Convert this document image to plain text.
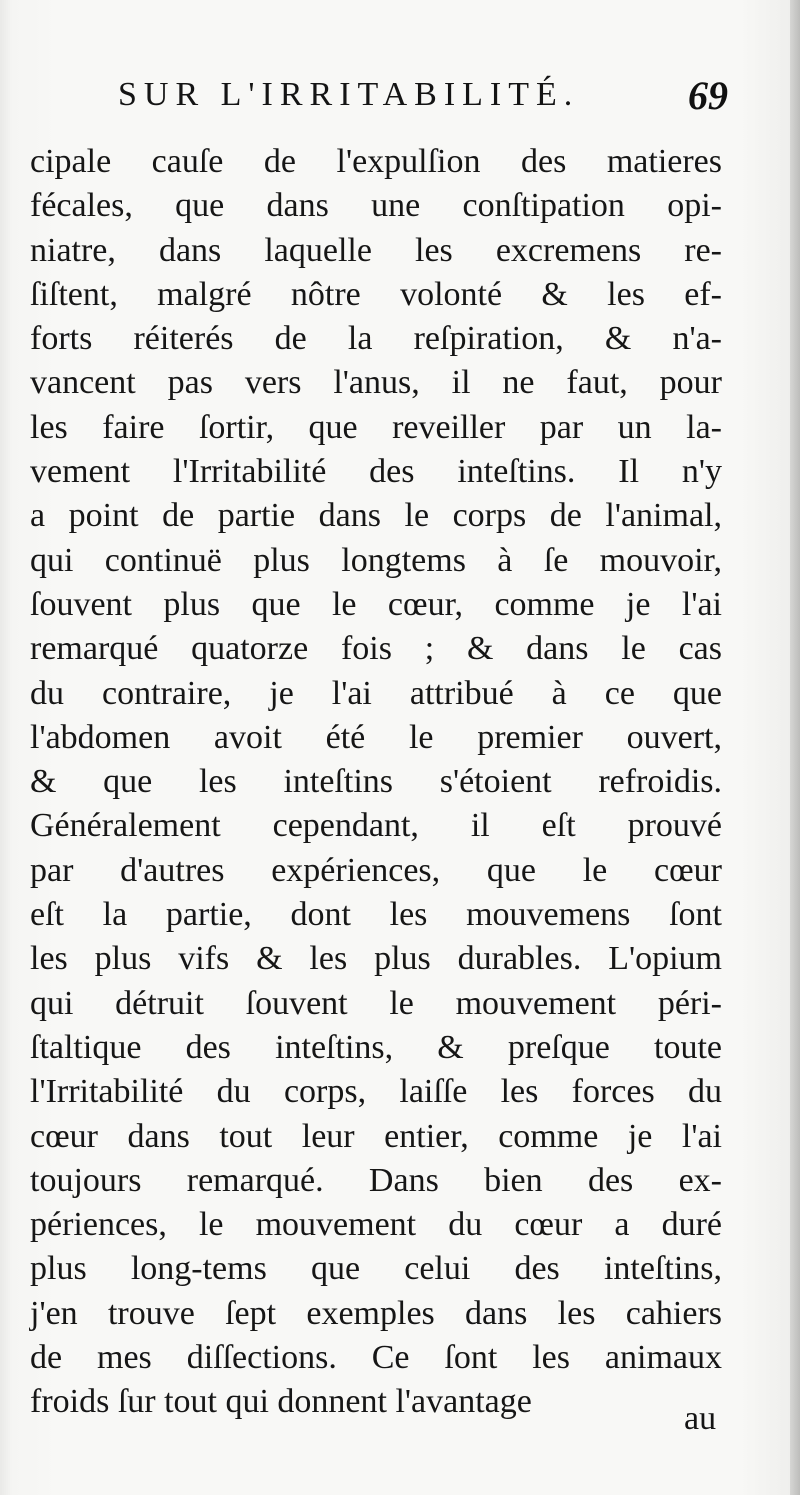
SUR L'IRRITABILITÉ.	69
cipale cauſe de l'expulſion des matieres
fécales, que dans une conſtipation opi-
niatre, dans laquelle les excremens re-
ſiſtent, malgré nôtre volonté & les ef-
forts réiterés de la reſpiration, & n'a-
vancent pas vers l'anus, il ne faut, pour
les faire ſortir, que reveiller par un la-
vement l'Irritabilité des inteſtins. Il n'y
a point de partie dans le corps de l'animal,
qui continuë plus longtems à ſe mouvoir,
ſouvent plus que le cœur, comme je l'ai
remarqué quatorze fois ; & dans le cas
du contraire, je l'ai attribué à ce que
l'abdomen avoit été le premier ouvert,
& que les inteſtins s'étoient refroidis.
Généralement cependant, il eſt prouvé
par d'autres expériences, que le cœur
eſt la partie, dont les mouvemens ſont
les plus vifs & les plus durables. L'opium
qui détruit ſouvent le mouvement péri-
ſtaltique des inteſtins, & preſque toute
l'Irritabilité du corps, laiſſe les forces du
cœur dans tout leur entier, comme je l'ai
toujours remarqué. Dans bien des ex-
périences, le mouvement du cœur a duré
plus long-tems que celui des inteſtins,
j'en trouve ſept exemples dans les cahiers
de mes diſſections. Ce ſont les animaux
froids ſur tout qui donnent l'avantage	au
